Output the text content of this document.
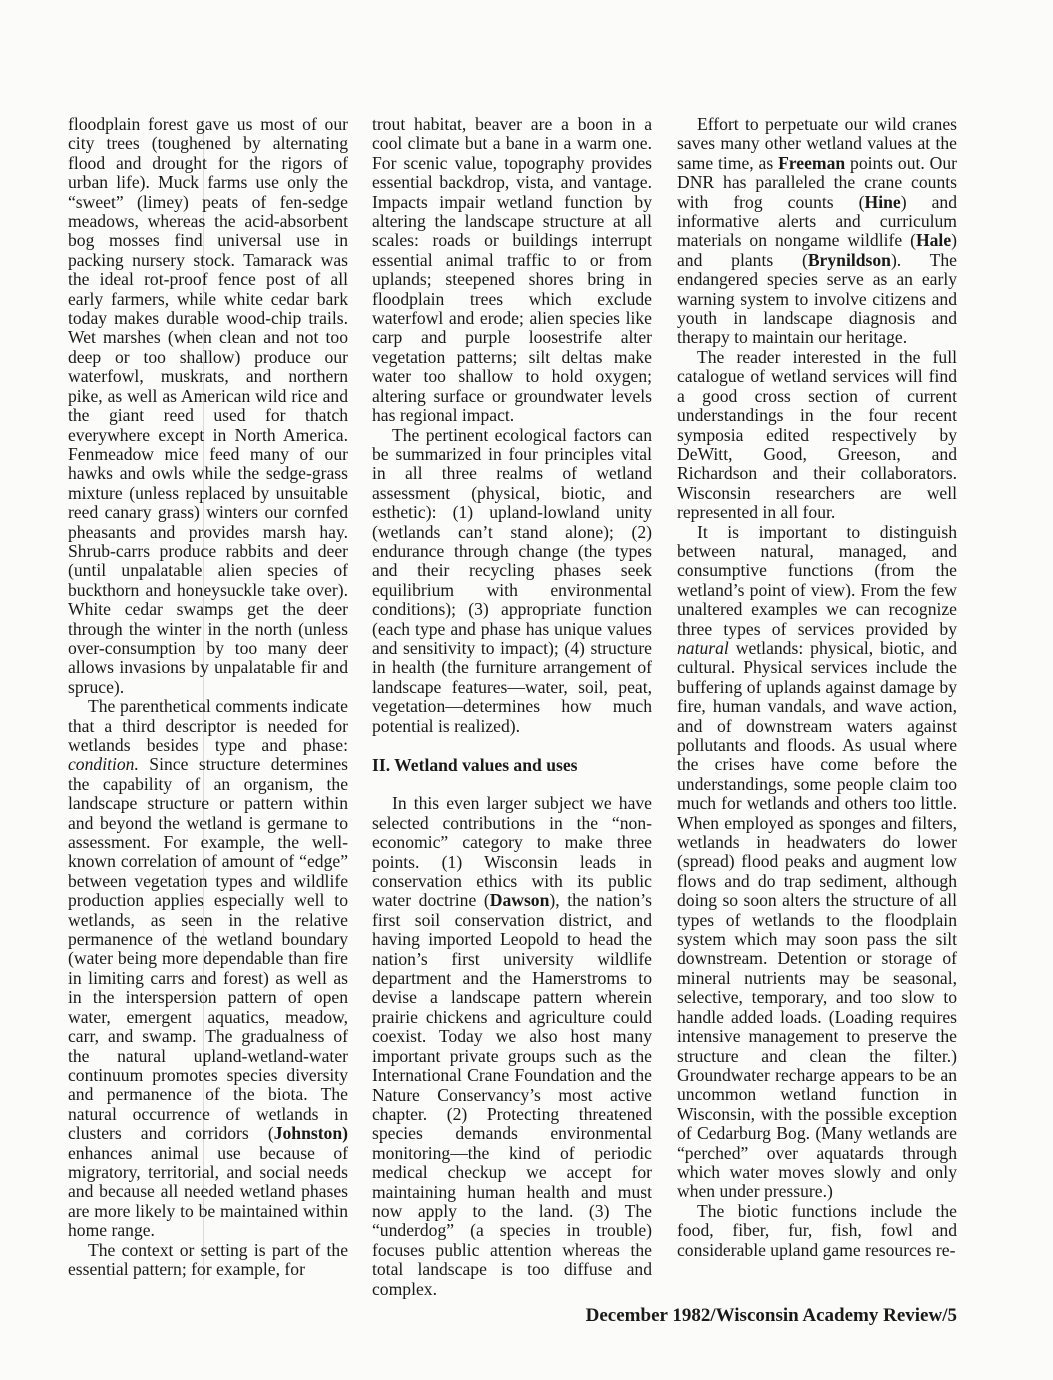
floodplain forest gave us most of our city trees (toughened by alternating flood and drought for the rigors of urban life). Muck farms use only the “sweet” (limey) peats of fen-sedge meadows, whereas the acid-absorbent bog mosses find universal use in packing nursery stock. Tamarack was the ideal rot-proof fence post of all early farmers, while white cedar bark today makes durable wood-chip trails. Wet marshes (when clean and not too deep or too shallow) produce our waterfowl, muskrats, and northern pike, as well as American wild rice and the giant reed used for thatch everywhere except in North America. Fenmeadow mice feed many of our hawks and owls while the sedge-grass mixture (unless replaced by unsuitable reed canary grass) winters our cornfed pheasants and provides marsh hay. Shrub-carrs produce rabbits and deer (until unpalatable alien species of buckthorn and honeysuckle take over). White cedar swamps get the deer through the winter in the north (unless over-consumption by too many deer allows invasions by unpalatable fir and spruce).

The parenthetical comments indicate that a third descriptor is needed for wetlands besides type and phase: condition. Since structure determines the capability of an organism, the landscape structure or pattern within and beyond the wetland is germane to assessment. For example, the well-known correlation of amount of “edge” between vegetation types and wildlife production applies especially well to wetlands, as seen in the relative permanence of the wetland boundary (water being more dependable than fire in limiting carrs and forest) as well as in the interspersion pattern of open water, emergent aquatics, meadow, carr, and swamp. The gradualness of the natural upland-wetland-water continuum promotes species diversity and permanence of the biota. The natural occurrence of wetlands in clusters and corridors (Johnston) enhances animal use because of migratory, territorial, and social needs and because all needed wetland phases are more likely to be maintained within home range.

The context or setting is part of the essential pattern; for example, for

trout habitat, beaver are a boon in a cool climate but a bane in a warm one. For scenic value, topography provides essential backdrop, vista, and vantage. Impacts impair wetland function by altering the landscape structure at all scales: roads or buildings interrupt essential animal traffic to or from uplands; steepened shores bring in floodplain trees which exclude waterfowl and erode; alien species like carp and purple loosestrife alter vegetation patterns; silt deltas make water too shallow to hold oxygen; altering surface or groundwater levels has regional impact.

The pertinent ecological factors can be summarized in four principles vital in all three realms of wetland assessment (physical, biotic, and esthetic): (1) upland-lowland unity (wetlands can’t stand alone); (2) endurance through change (the types and their recycling phases seek equilibrium with environmental conditions); (3) appropriate function (each type and phase has unique values and sensitivity to impact); (4) structure in health (the furniture arrangement of landscape features—water, soil, peat, vegetation—determines how much potential is realized).

II. Wetland values and uses

In this even larger subject we have selected contributions in the “non-economic” category to make three points. (1) Wisconsin leads in conservation ethics with its public water doctrine (Dawson), the nation’s first soil conservation district, and having imported Leopold to head the nation’s first university wildlife department and the Hamerstroms to devise a landscape pattern wherein prairie chickens and agriculture could coexist. Today we also host many important private groups such as the International Crane Foundation and the Nature Conservancy’s most active chapter. (2) Protecting threatened species demands environmental monitoring—the kind of periodic medical checkup we accept for maintaining human health and must now apply to the land. (3) The “underdog” (a species in trouble) focuses public attention whereas the total landscape is too diffuse and complex.

Effort to perpetuate our wild cranes saves many other wetland values at the same time, as Freeman points out. Our DNR has paralleled the crane counts with frog counts (Hine) and informative alerts and curriculum materials on nongame wildlife (Hale) and plants (Brynildson). The endangered species serve as an early warning system to involve citizens and youth in landscape diagnosis and therapy to maintain our heritage.

The reader interested in the full catalogue of wetland services will find a good cross section of current understandings in the four recent symposia edited respectively by DeWitt, Good, Greeson, and Richardson and their collaborators. Wisconsin researchers are well represented in all four.

It is important to distinguish between natural, managed, and consumptive functions (from the wetland’s point of view). From the few unaltered examples we can recognize three types of services provided by natural wetlands: physical, biotic, and cultural. Physical services include the buffering of uplands against damage by fire, human vandals, and wave action, and of downstream waters against pollutants and floods. As usual where the crises have come before the understandings, some people claim too much for wetlands and others too little. When employed as sponges and filters, wetlands in headwaters do lower (spread) flood peaks and augment low flows and do trap sediment, although doing so soon alters the structure of all types of wetlands to the floodplain system which may soon pass the silt downstream. Detention or storage of mineral nutrients may be seasonal, selective, temporary, and too slow to handle added loads. (Loading requires intensive management to preserve the structure and clean the filter.) Groundwater recharge appears to be an uncommon wetland function in Wisconsin, with the possible exception of Cedarburg Bog. (Many wetlands are “perched” over aquatards through which water moves slowly and only when under pressure.)

The biotic functions include the food, fiber, fur, fish, fowl and considerable upland game resources re-

December 1982/Wisconsin Academy Review/5
